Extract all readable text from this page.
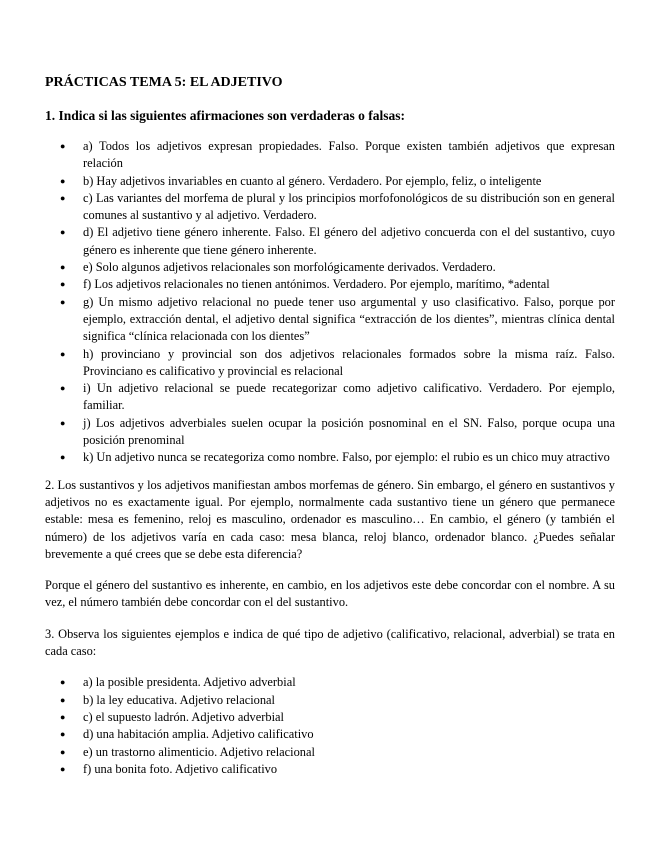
PRÁCTICAS TEMA 5: EL ADJETIVO
1. Indica si las siguientes afirmaciones son verdaderas o falsas:
● a) Todos los adjetivos expresan propiedades. Falso. Porque existen también adjetivos que expresan relación
● b) Hay adjetivos invariables en cuanto al género. Verdadero. Por ejemplo, feliz, o inteligente
● c) Las variantes del morfema de plural y los principios morfofonológicos de su distribución son en general comunes al sustantivo y al adjetivo. Verdadero.
● d) El adjetivo tiene género inherente. Falso. El género del adjetivo concuerda con el del sustantivo, cuyo género es inherente que tiene género inherente.
● e) Solo algunos adjetivos relacionales son morfológicamente derivados. Verdadero.
● f) Los adjetivos relacionales no tienen antónimos. Verdadero. Por ejemplo, marítimo, *adental
● g) Un mismo adjetivo relacional no puede tener uso argumental y uso clasificativo. Falso, porque por ejemplo, extracción dental, el adjetivo dental significa “extracción de los dientes”, mientras clínica dental significa “clínica relacionada con los dientes”
● h) provinciano y provincial son dos adjetivos relacionales formados sobre la misma raíz. Falso. Provinciano es calificativo y provincial es relacional
● i) Un adjetivo relacional se puede recategorizar como adjetivo calificativo. Verdadero. Por ejemplo, familiar.
● j) Los adjetivos adverbiales suelen ocupar la posición posnominal en el SN. Falso, porque ocupa una posición prenominal
● k) Un adjetivo nunca se recategoriza como nombre. Falso, por ejemplo: el rubio es un chico muy atractivo

2. Los sustantivos y los adjetivos manifiestan ambos morfemas de género. Sin embargo, el género en sustantivos y adjetivos no es exactamente igual. Por ejemplo, normalmente cada sustantivo tiene un género que permanece estable: mesa es femenino, reloj es masculino, ordenador es masculino… En cambio, el género (y también el número) de los adjetivos varía en cada caso: mesa blanca, reloj blanco, ordenador blanco. ¿Puedes señalar brevemente a qué crees que se debe esta diferencia?

Porque el género del sustantivo es inherente, en cambio, en los adjetivos este debe concordar con el nombre. A su vez, el número también debe concordar con el del sustantivo.

3. Observa los siguientes ejemplos e indica de qué tipo de adjetivo (calificativo, relacional, adverbial) se trata en cada caso:

● a) la posible presidenta. Adjetivo adverbial
● b) la ley educativa. Adjetivo relacional
● c) el supuesto ladrón. Adjetivo adverbial
● d) una habitación amplia. Adjetivo calificativo
● e) un trastorno alimenticio. Adjetivo relacional
● f) una bonita foto. Adjetivo calificativo
